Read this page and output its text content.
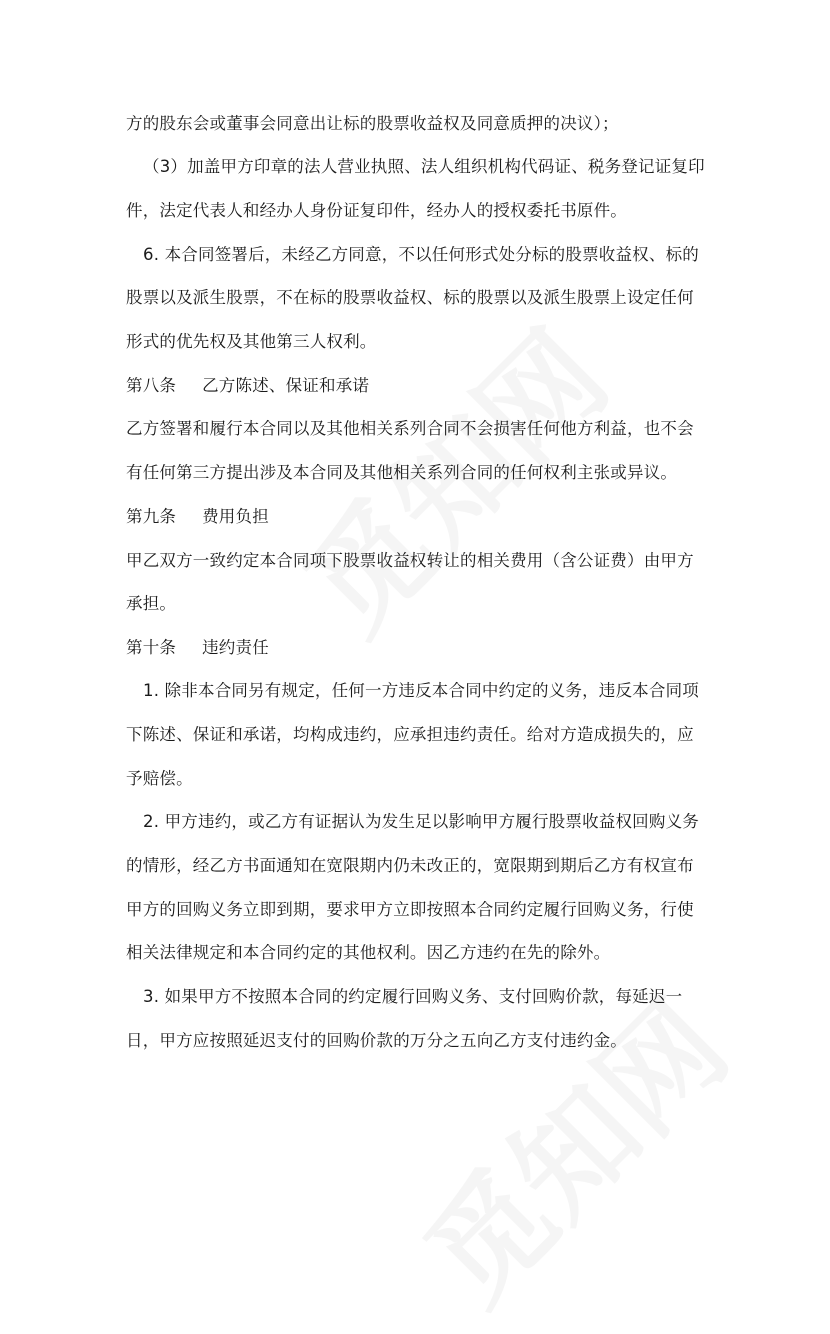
方的股东会或董事会同意出让标的股票收益权及同意质押的决议）；
（3）加盖甲方印章的法人营业执照、法人组织机构代码证、税务登记证复印
件，法定代表人和经办人身份证复印件，经办人的授权委托书原件。
6. 本合同签署后，未经乙方同意，不以任何形式处分标的股票收益权、标的
股票以及派生股票，不在标的股票收益权、标的股票以及派生股票上设定任何
形式的优先权及其他第三人权利。
第八条 乙方陈述、保证和承诺
乙方签署和履行本合同以及其他相关系列合同不会损害任何他方利益，也不会
有任何第三方提出涉及本合同及其他相关系列合同的任何权利主张或异议。
第九条 费用负担
甲乙双方一致约定本合同项下股票收益权转让的相关费用（含公证费）由甲方
承担。
第十条 违约责任
1. 除非本合同另有规定，任何一方违反本合同中约定的义务，违反本合同项
下陈述、保证和承诺，均构成违约，应承担违约责任。给对方造成损失的，应
予赔偿。
2. 甲方违约，或乙方有证据认为发生足以影响甲方履行股票收益权回购义务
的情形，经乙方书面通知在宽限期内仍未改正的，宽限期到期后乙方有权宣布
甲方的回购义务立即到期，要求甲方立即按照本合同约定履行回购义务，行使
相关法律规定和本合同约定的其他权利。因乙方违约在先的除外。
3. 如果甲方不按照本合同的约定履行回购义务、支付回购价款，每延迟一
日，甲方应按照延迟支付的回购价款的万分之五向乙方支付违约金。
